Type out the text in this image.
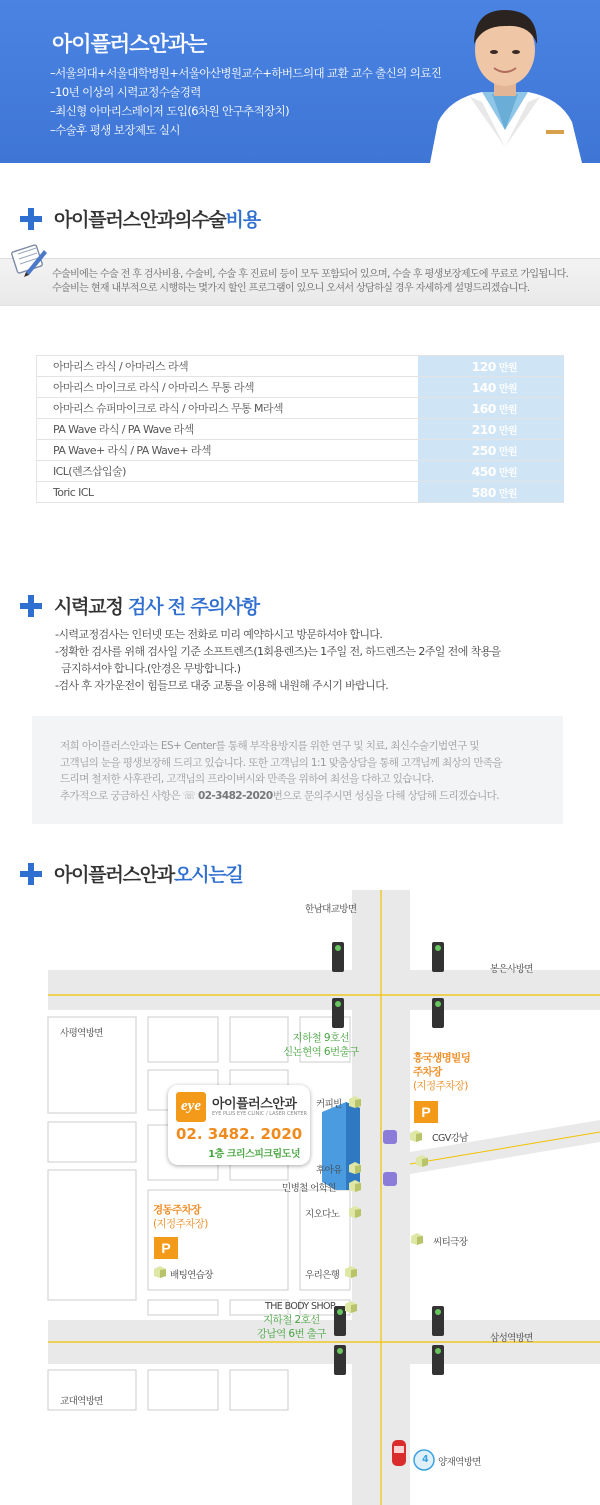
아이플러스안과는
–서울의대+서울대학병원+서울아산병원교수+하버드의대 교환 교수 출신의 의료진
–10년 이상의 시력교정수술경력
–최신형 아마리스레이저 도입(6차원 안구추적장치)
–수술후 평생 보장제도 실시
아이플러스안과의수술비용
수술비에는 수술 전 후 검사비용, 수술비, 수술 후 진료비 등이 모두 포함되어 있으며, 수술 후 평생보장제도에 무료로 가입됩니다.
수술비는 현재 내부적으로 시행하는 몇가지 할인 프로그램이 있으니 오셔서 상담하실 경우 자세하게 설명드리겠습니다.
아마리스 라식 / 아마리스 라섹	120 만원
아마리스 마이크로 라식 / 아마리스 무통 라섹	140 만원
아마리스 슈퍼마이크로 라식 / 아마리스 무통 M라섹	160 만원
PA Wave 라식 / PA Wave 라섹	210 만원
PA Wave+ 라식 / PA Wave+ 라섹	250 만원
ICL(렌즈삽입술)	450 만원
Toric ICL	580 만원
시력교정 검사 전 주의사항
-시력교정검사는 인터넷 또는 전화로 미리 예약하시고 방문하셔야 합니다.
-정확한 검사를 위해 검사일 기준 소프트렌즈(1회용렌즈)는 1주일 전, 하드렌즈는 2주일 전에 착용을
금지하셔야 합니다.(안경은 무방합니다.)
-검사 후 자가운전이 힘들므로 대중 교통을 이용해 내원해 주시기 바랍니다.
저희 아이플러스안과는 ES+ Center를 통해 부작용방지를 위한 연구 및 치료, 최신수술기법연구 및
고객님의 눈을 평생보장해 드리고 있습니다. 또한 고객님의 1:1 맞춤상담을 통해 고객님께 최상의 만족을
드리며 철저한 사후관리, 고객님의 프라이버시와 만족을 위하여 최선을 다하고 있습니다.
추가적으로 궁금하신 사항은 ☏ 02-3482-2020번으로 문의주시면 성심을 다해 상담해 드리겠습니다.
아이플러스안과오시는길
한남대교방면
봉은사방면
사평역방면
교대역방면
삼성역방면
양재역방면
4
커피빈
CGV강남
후아유
민병철 어학원
지오다노
씨티극장
배팅연습장	우리은행
THE BODY SHOP
지하철 9호선
신논현역 6번출구
지하철 2호선
강남역 6번 출구
흥국생명빌딩
주차장
(지정주차장)
P
경동주차장
(지정주차장)
P
eye 아이플러스안과
EYE PLUS EYE CLINIC / LASER CENTER
02. 3482. 2020
1층 크리스피크림도넛
